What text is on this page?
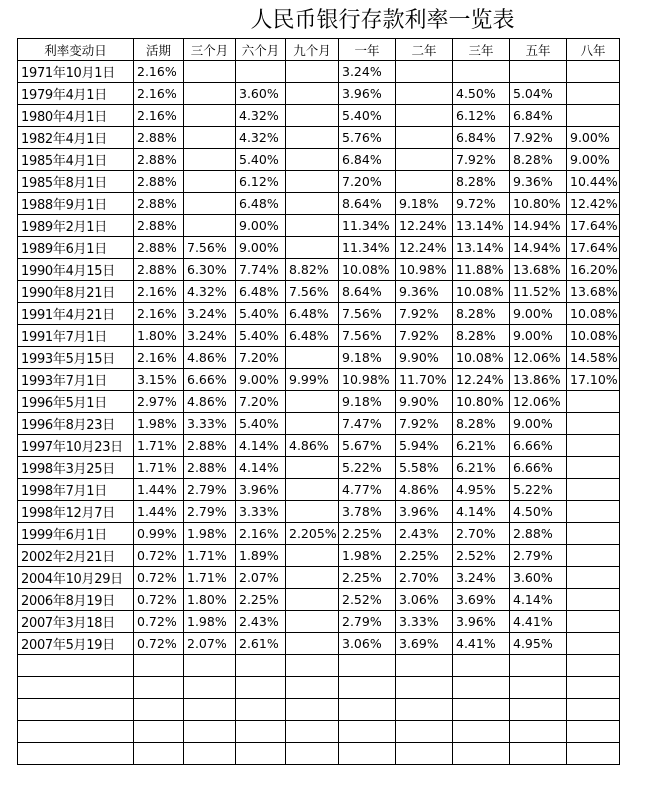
人民币银行存款利率一览表
利率变动日	活期	三个月	六个月	九个月	一年	二年	三年	五年	八年
1971年10月1日	2.16%				3.24%				
1979年4月1日	2.16%		3.60%		3.96%		4.50%	5.04%	
1980年4月1日	2.16%		4.32%		5.40%		6.12%	6.84%	
1982年4月1日	2.88%		4.32%		5.76%		6.84%	7.92%	9.00%
1985年4月1日	2.88%		5.40%		6.84%		7.92%	8.28%	9.00%
1985年8月1日	2.88%		6.12%		7.20%		8.28%	9.36%	10.44%
1988年9月1日	2.88%		6.48%		8.64%	9.18%	9.72%	10.80%	12.42%
1989年2月1日	2.88%		9.00%		11.34%	12.24%	13.14%	14.94%	17.64%
1989年6月1日	2.88%	7.56%	9.00%		11.34%	12.24%	13.14%	14.94%	17.64%
1990年4月15日	2.88%	6.30%	7.74%	8.82%	10.08%	10.98%	11.88%	13.68%	16.20%
1990年8月21日	2.16%	4.32%	6.48%	7.56%	8.64%	9.36%	10.08%	11.52%	13.68%
1991年4月21日	2.16%	3.24%	5.40%	6.48%	7.56%	7.92%	8.28%	9.00%	10.08%
1991年7月1日	1.80%	3.24%	5.40%	6.48%	7.56%	7.92%	8.28%	9.00%	10.08%
1993年5月15日	2.16%	4.86%	7.20%		9.18%	9.90%	10.08%	12.06%	14.58%
1993年7月1日	3.15%	6.66%	9.00%	9.99%	10.98%	11.70%	12.24%	13.86%	17.10%
1996年5月1日	2.97%	4.86%	7.20%		9.18%	9.90%	10.80%	12.06%	
1996年8月23日	1.98%	3.33%	5.40%		7.47%	7.92%	8.28%	9.00%	
1997年10月23日	1.71%	2.88%	4.14%	4.86%	5.67%	5.94%	6.21%	6.66%	
1998年3月25日	1.71%	2.88%	4.14%		5.22%	5.58%	6.21%	6.66%	
1998年7月1日	1.44%	2.79%	3.96%		4.77%	4.86%	4.95%	5.22%	
1998年12月7日	1.44%	2.79%	3.33%		3.78%	3.96%	4.14%	4.50%	
1999年6月1日	0.99%	1.98%	2.16%	2.205%	2.25%	2.43%	2.70%	2.88%	
2002年2月21日	0.72%	1.71%	1.89%		1.98%	2.25%	2.52%	2.79%	
2004年10月29日	0.72%	1.71%	2.07%		2.25%	2.70%	3.24%	3.60%	
2006年8月19日	0.72%	1.80%	2.25%		2.52%	3.06%	3.69%	4.14%	
2007年3月18日	0.72%	1.98%	2.43%		2.79%	3.33%	3.96%	4.41%	
2007年5月19日	0.72%	2.07%	2.61%		3.06%	3.69%	4.41%	4.95%	
